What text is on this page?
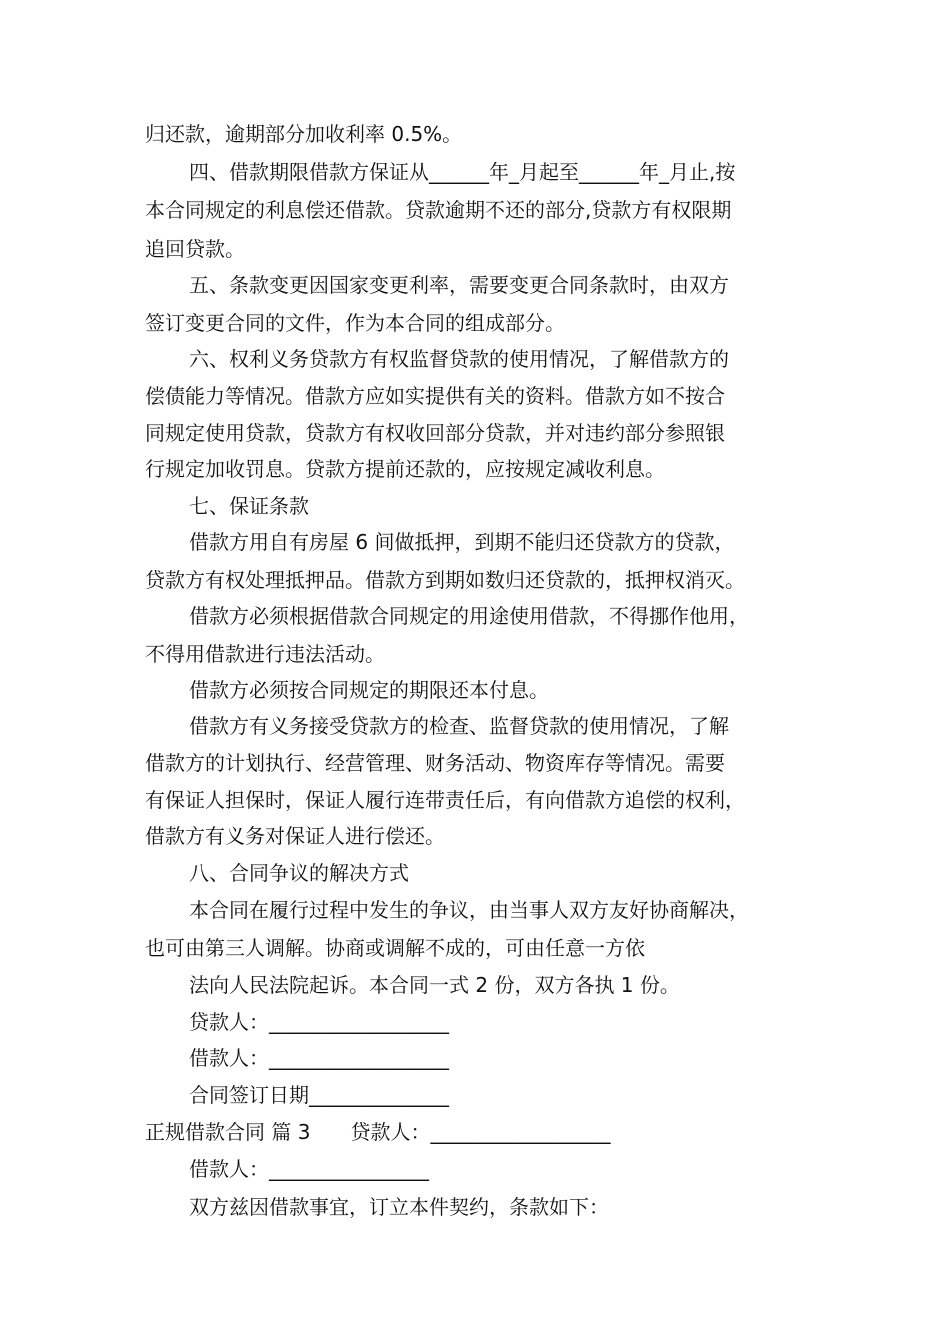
归还款，逾期部分加收利率 0.5%。
四、借款期限借款方保证从______年_月起至______年_月止,按
本合同规定的利息偿还借款。贷款逾期不还的部分,贷款方有权限期
追回贷款。
五、条款变更因国家变更利率，需要变更合同条款时，由双方
签订变更合同的文件，作为本合同的组成部分。
六、权利义务贷款方有权监督贷款的使用情况，了解借款方的
偿债能力等情况。借款方应如实提供有关的资料。借款方如不按合
同规定使用贷款，贷款方有权收回部分贷款，并对违约部分参照银
行规定加收罚息。贷款方提前还款的，应按规定减收利息。
七、保证条款
借款方用自有房屋 6 间做抵押，到期不能归还贷款方的贷款，
贷款方有权处理抵押品。借款方到期如数归还贷款的，抵押权消灭。
借款方必须根据借款合同规定的用途使用借款，不得挪作他用，
不得用借款进行违法活动。
借款方必须按合同规定的期限还本付息。
借款方有义务接受贷款方的检查、监督贷款的使用情况，了解
借款方的计划执行、经营管理、财务活动、物资库存等情况。需要
有保证人担保时，保证人履行连带责任后，有向借款方追偿的权利，
借款方有义务对保证人进行偿还。
八、合同争议的解决方式
本合同在履行过程中发生的争议，由当事人双方友好协商解决，
也可由第三人调解。协商或调解不成的，可由任意一方依
法向人民法院起诉。本合同一式 2 份，双方各执 1 份。
贷款人：__________________
借款人：__________________
合同签订日期______________
正规借款合同 篇 3　　贷款人：__________________
借款人：________________
双方兹因借款事宜，订立本件契约，条款如下：
